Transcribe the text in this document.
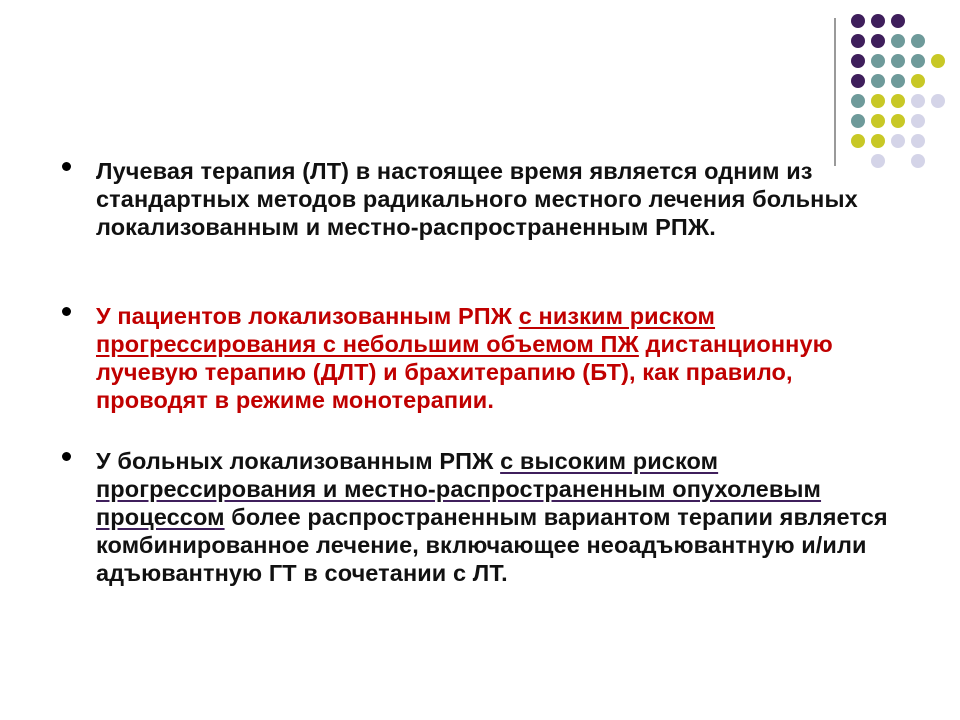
Лучевая терапия (ЛТ) в настоящее время является одним из стандартных методов радикального местного лечения больных локализованным и местно-распространенным РПЖ.
У пациентов локализованным РПЖ с низким риском прогрессирования с небольшим объемом ПЖ дистанционную лучевую терапию (ДЛТ) и брахитерапию (БТ), как правило, проводят в режиме монотерапии.
У больных локализованным РПЖ с высоким риском прогрессирования и местно-распространенным опухолевым процессом более распространенным вариантом терапии является комбинированное лечение, включающее неоадъювантную и/или адъювантную ГТ в сочетании с ЛТ.
